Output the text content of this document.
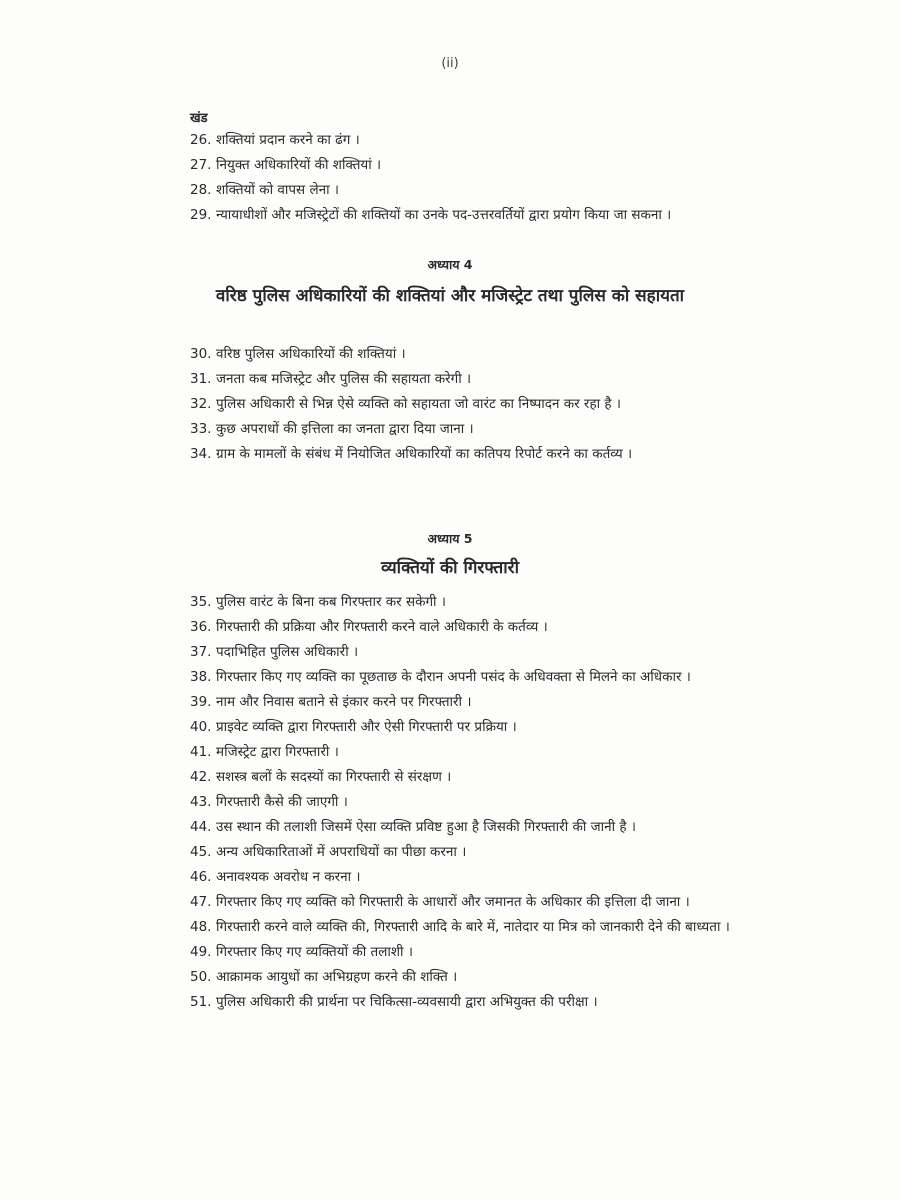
(ii)
खंड
26. शक्तियां प्रदान करने का ढंग ।
27. नियुक्त अधिकारियों की शक्तियां ।
28. शक्तियों को वापस लेना ।
29. न्यायाधीशों और मजिस्ट्रेटों की शक्तियों का उनके पद-उत्तरवर्तियों द्वारा प्रयोग किया जा सकना ।
अध्याय 4
वरिष्ठ पुलिस अधिकारियों की शक्तियां और मजिस्ट्रेट तथा पुलिस को सहायता
30. वरिष्ठ पुलिस अधिकारियों की शक्तियां ।
31. जनता कब मजिस्ट्रेट और पुलिस की सहायता करेगी ।
32. पुलिस अधिकारी से भिन्न ऐसे व्यक्ति को सहायता जो वारंट का निष्पादन कर रहा है ।
33. कुछ अपराधों की इत्तिला का जनता द्वारा दिया जाना ।
34. ग्राम के मामलों के संबंध में नियोजित अधिकारियों का कतिपय रिपोर्ट करने का कर्तव्य ।
अध्याय 5
व्यक्तियों की गिरफ्तारी
35. पुलिस वारंट के बिना कब गिरफ्तार कर सकेगी ।
36. गिरफ्तारी की प्रक्रिया और गिरफ्तारी करने वाले अधिकारी के कर्तव्य ।
37. पदाभिहित पुलिस अधिकारी ।
38. गिरफ्तार किए गए व्यक्ति का पूछताछ के दौरान अपनी पसंद के अधिवक्ता से मिलने का अधिकार ।
39. नाम और निवास बताने से इंकार करने पर गिरफ्तारी ।
40. प्राइवेट व्यक्ति द्वारा गिरफ्तारी और ऐसी गिरफ्तारी पर प्रक्रिया ।
41. मजिस्ट्रेट द्वारा गिरफ्तारी ।
42. सशस्त्र बलों के सदस्यों का गिरफ्तारी से संरक्षण ।
43. गिरफ्तारी कैसे की जाएगी ।
44. उस स्थान की तलाशी जिसमें ऐसा व्यक्ति प्रविष्ट हुआ है जिसकी गिरफ्तारी की जानी है ।
45. अन्य अधिकारिताओं में अपराधियों का पीछा करना ।
46. अनावश्यक अवरोध न करना ।
47. गिरफ्तार किए गए व्यक्ति को गिरफ्तारी के आधारों और जमानत के अधिकार की इत्तिला दी जाना ।
48. गिरफ्तारी करने वाले व्यक्ति की, गिरफ्तारी आदि के बारे में, नातेदार या मित्र को जानकारी देने की बाध्यता ।
49. गिरफ्तार किए गए व्यक्तियों की तलाशी ।
50. आक्रामक आयुधों का अभिग्रहण करने की शक्ति ।
51. पुलिस अधिकारी की प्रार्थना पर चिकित्सा-व्यवसायी द्वारा अभियुक्त की परीक्षा ।
